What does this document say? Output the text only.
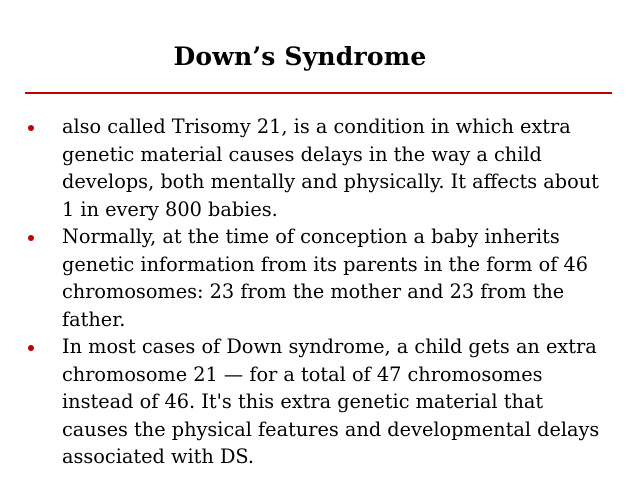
Down’s Syndrome
also called Trisomy 21, is a condition in which extra genetic material causes delays in the way a child develops, both mentally and physically. It affects about 1 in every 800 babies.
Normally, at the time of conception a baby inherits genetic information from its parents in the form of 46 chromosomes: 23 from the mother and 23 from the father.
In most cases of Down syndrome, a child gets an extra chromosome 21 — for a total of 47 chromosomes instead of 46. It's this extra genetic material that causes the physical features and developmental delays associated with DS.
